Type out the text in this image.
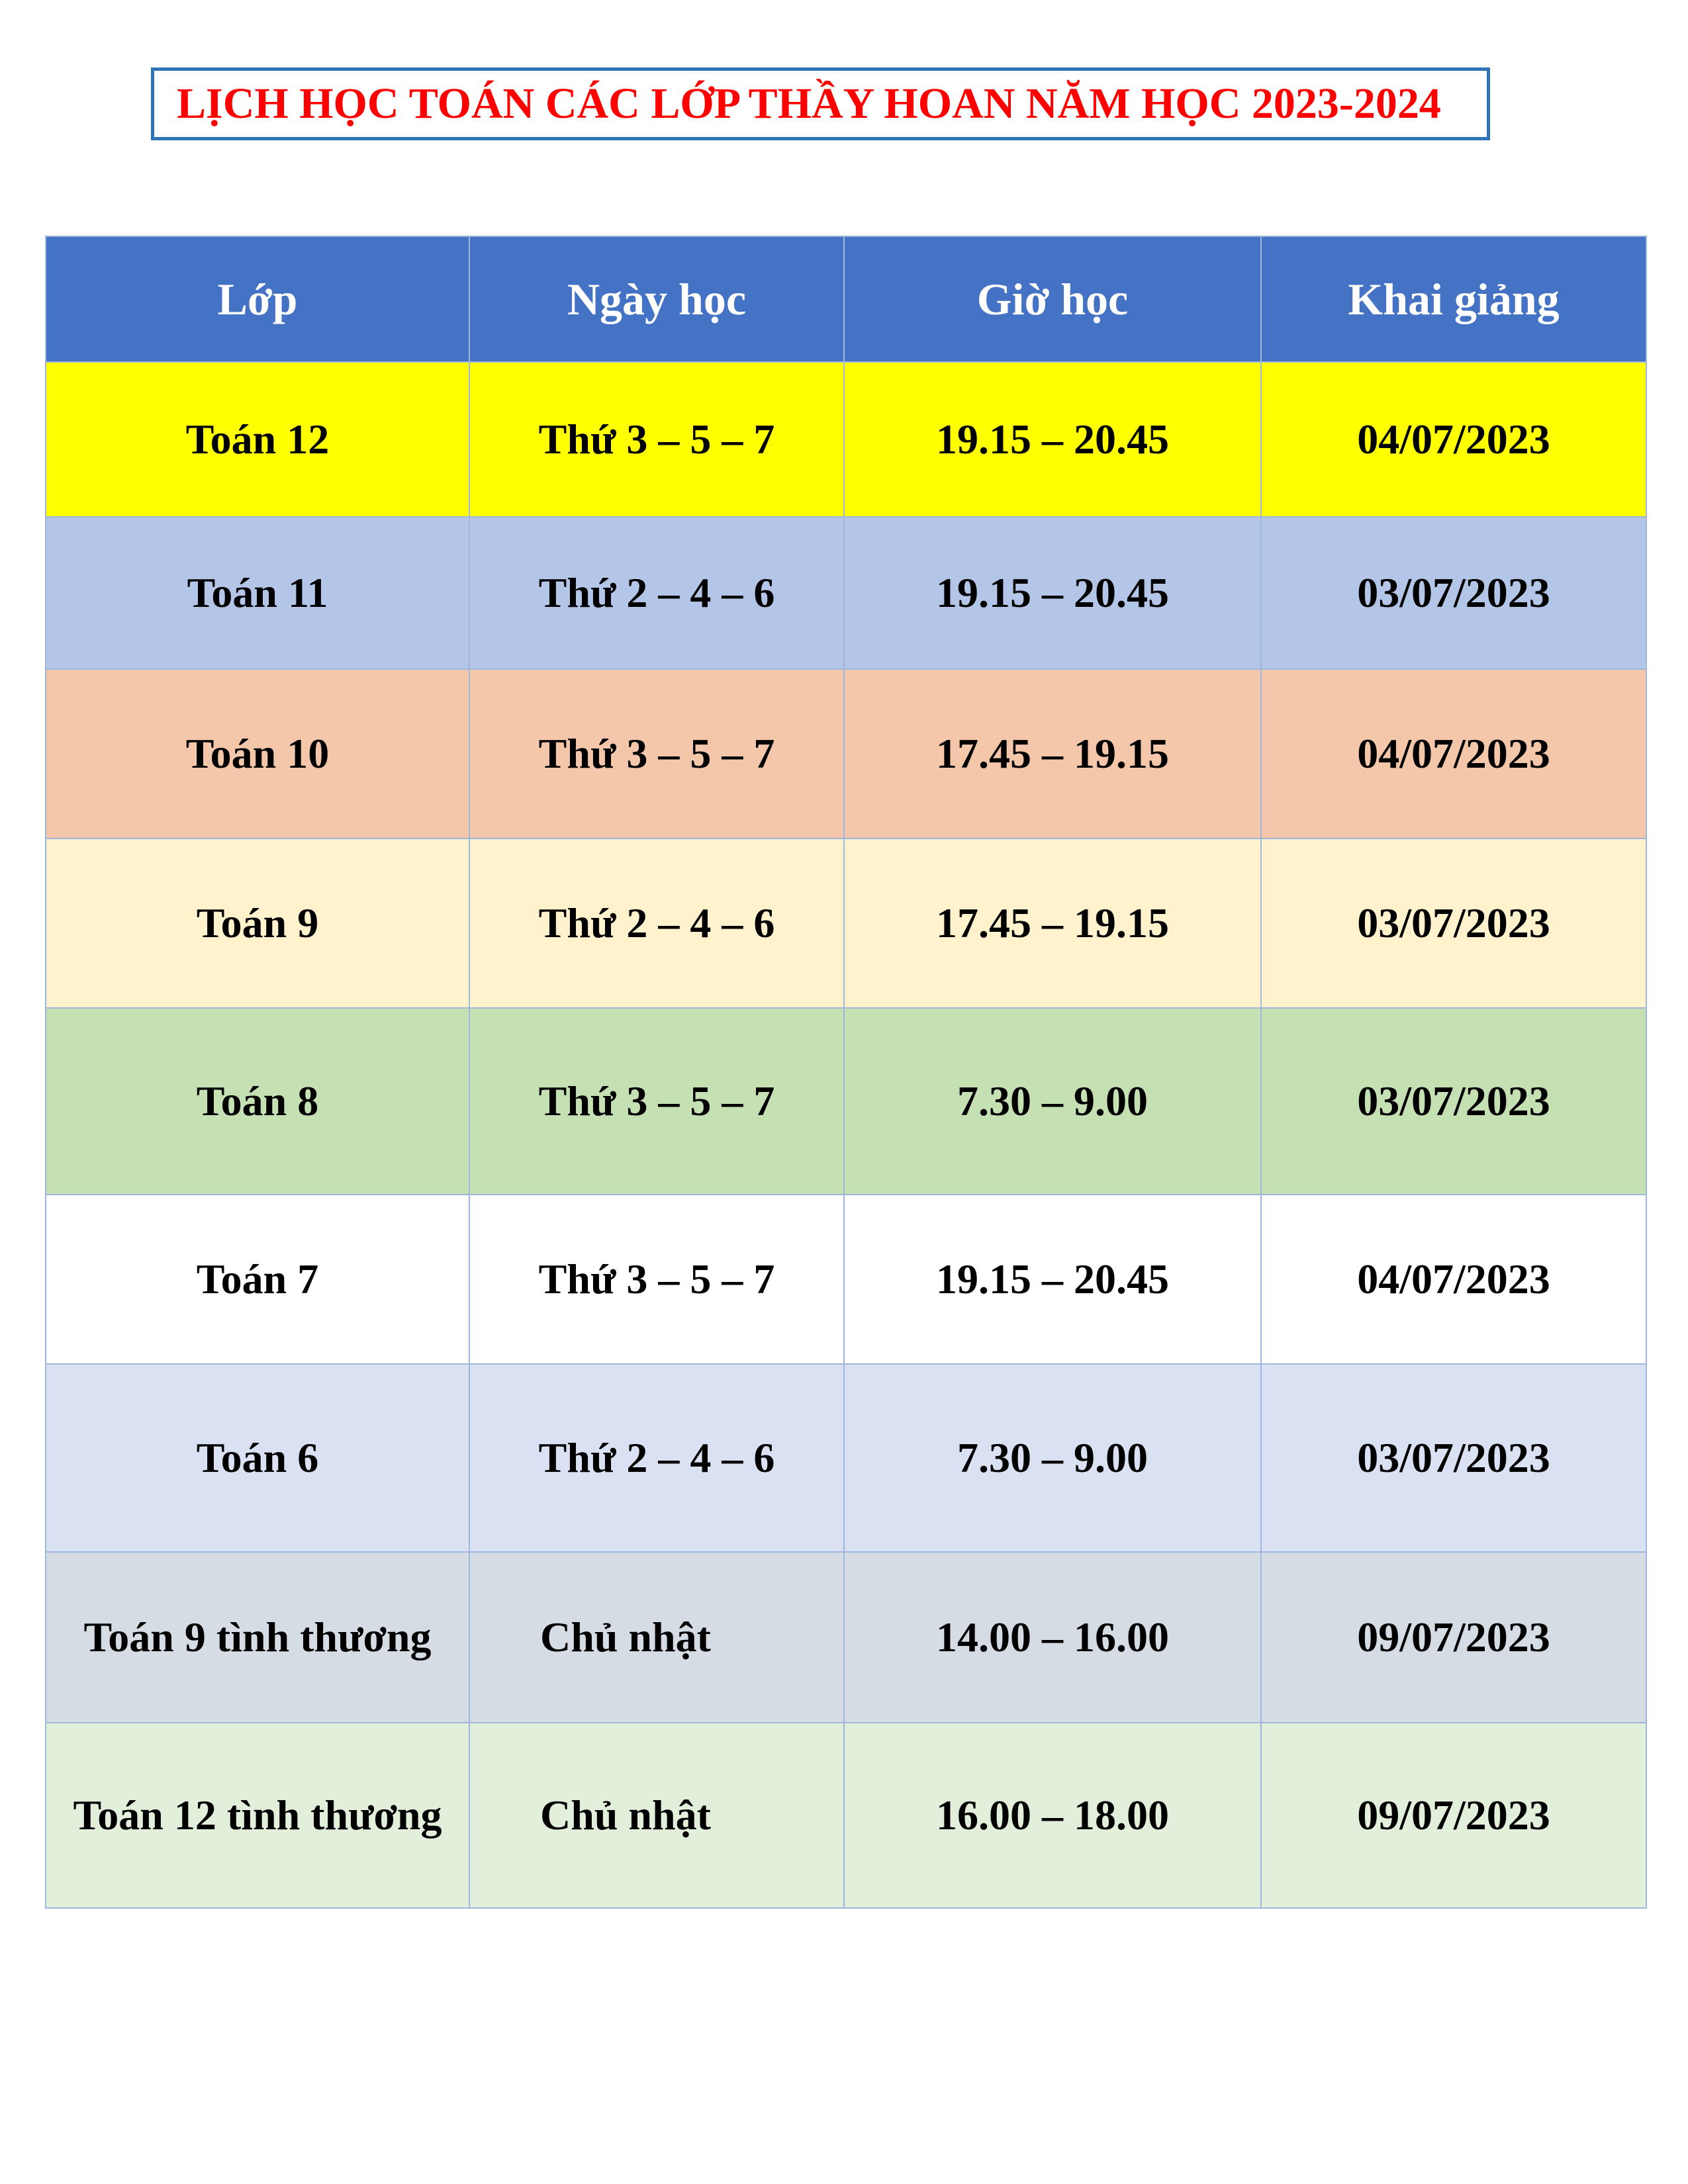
LỊCH HỌC TOÁN CÁC LỚP THẦY HOAN NĂM HỌC 2023-2024
Lớp	Ngày học	Giờ học	Khai giảng
Toán 12	Thứ 3 – 5 – 7	19.15 – 20.45	04/07/2023
Toán 11	Thứ 2 – 4 – 6	19.15 – 20.45	03/07/2023
Toán 10	Thứ 3 – 5 – 7	17.45 – 19.15	04/07/2023
Toán 9	Thứ 2 – 4 – 6	17.45 – 19.15	03/07/2023
Toán 8	Thứ 3 – 5 – 7	7.30 – 9.00	03/07/2023
Toán 7	Thứ 3 – 5 – 7	19.15 – 20.45	04/07/2023
Toán 6	Thứ 2 – 4 – 6	7.30 – 9.00	03/07/2023
Toán 9 tình thương	Chủ nhật	14.00 – 16.00	09/07/2023
Toán 12 tình thương	Chủ nhật	16.00 – 18.00	09/07/2023
